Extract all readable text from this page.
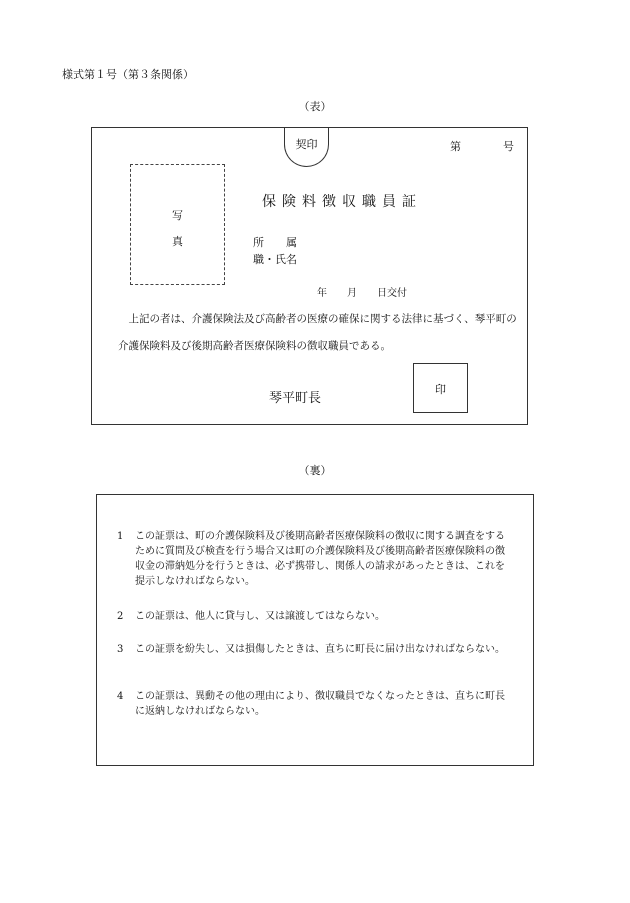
様式第１号（第３条関係）
（表）
契印	第	号
写
真
保険料徴収職員証
所　　属
職・氏名
年　　月　　日交付
　上記の者は、介護保険法及び高齢者の医療の確保に関する法律に基づく、琴平町の介護保険料及び後期高齢者医療保険料の徴収職員である。
琴平町長
印
（裏）
1	この証票は、町の介護保険料及び後期高齢者医療保険料の徴収に関する調査をするために質問及び検査を行う場合又は町の介護保険料及び後期高齢者医療保険料の徴収金の滞納処分を行うときは、必ず携帯し、関係人の請求があったときは、これを提示しなければならない。
2	この証票は、他人に貸与し、又は譲渡してはならない。
3	この証票を紛失し、又は損傷したときは、直ちに町長に届け出なければならない。
4	この証票は、異動その他の理由により、徴収職員でなくなったときは、直ちに町長に返納しなければならない。
